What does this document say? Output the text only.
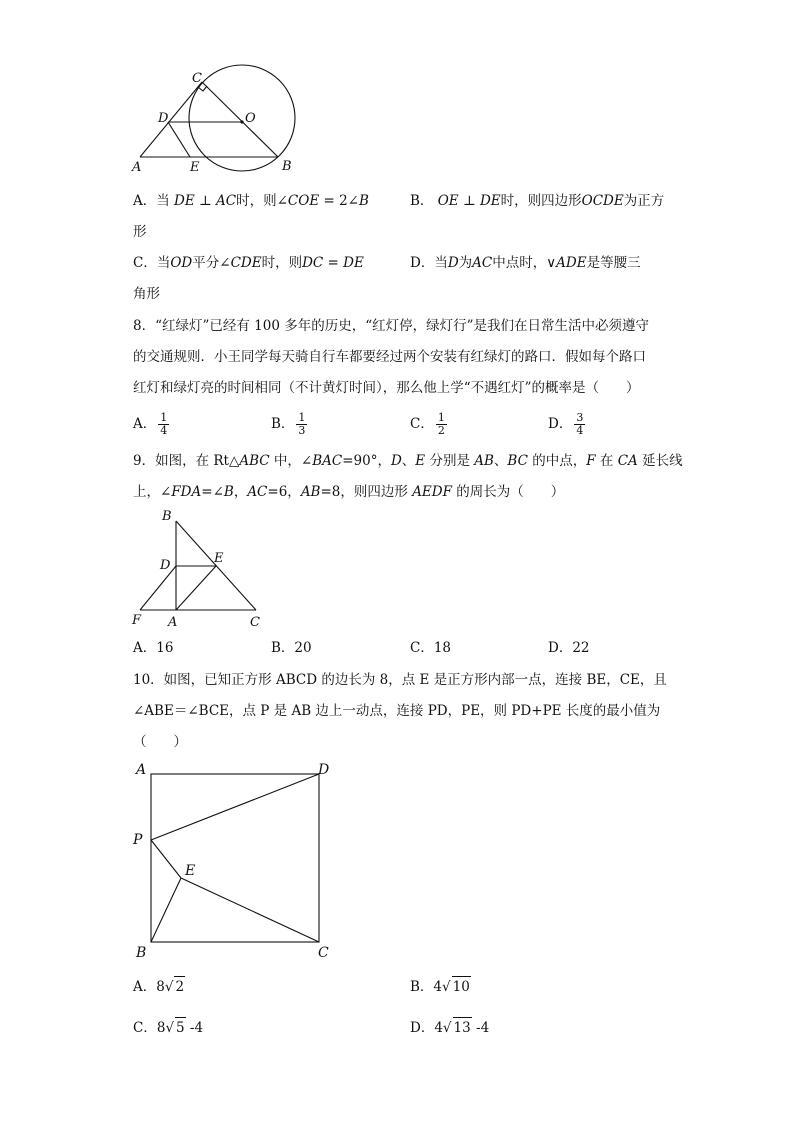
C
O
D
A	E	B
A．当 DE ⊥ AC时，则∠COE = 2∠B	B． OE ⊥ DE时，则四边形OCDE为正方
形
C．当OD平分∠CDE时，则DC = DE	D．当D为AC中点时，∨ADE是等腰三
角形
8．“红绿灯”已经有 100 多年的历史，“红灯停，绿灯行”是我们在日常生活中必须遵守
的交通规则．小王同学每天骑自行车都要经过两个安装有红绿灯的路口．假如每个路口
红灯和绿灯亮的时间相同（不计黄灯时间），那么他上学“不遇红灯”的概率是（　　）
A． $\frac{1}{4}$	B． $\frac{1}{3}$	C． $\frac{1}{2}$	D． $\frac{3}{4}$
9．如图，在 Rt△ABC 中，∠BAC=90°，D、E 分别是 AB、BC 的中点，F 在 CA 延长线
上，∠FDA=∠B，AC=6，AB=8，则四边形 AEDF 的周长为（　　）
B
E
D
F A	C
A．16	B．20	C．18	D．22
10．如图，已知正方形 ABCD 的边长为 8，点 E 是正方形内部一点，连接 BE，CE，且
∠ABE＝∠BCE，点 P 是 AB 边上一动点，连接 PD，PE，则 PD+PE 长度的最小值为
（　　）
A	D
P
E
B	C
A．8√ 2	B．4√ 10
C．8√ 5 -4	D．4√ 13 -4
